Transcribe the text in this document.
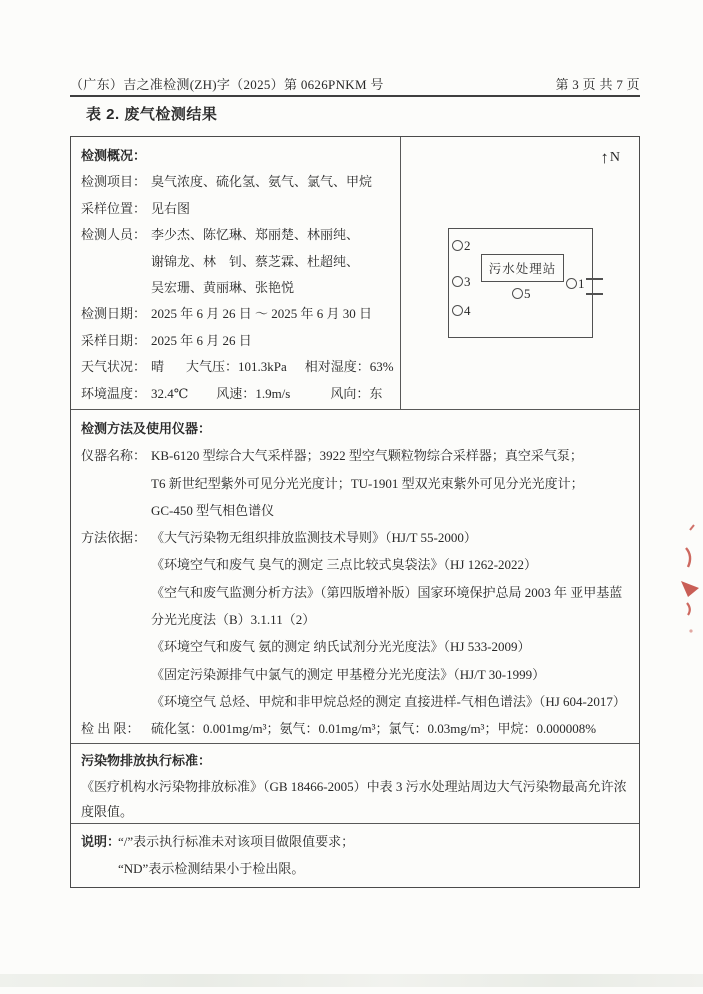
（广东）吉之准检测(ZH)字（2025）第 0626PNKM 号	第 3 页 共 7 页
表 2. 废气检测结果
检测概况：
检测项目： 臭气浓度、硫化氢、氨气、氯气、甲烷
采样位置： 见右图
检测人员： 李少杰、陈忆琳、郑丽楚、林丽纯、
谢锦龙、林　钊、蔡芝霖、杜超纯、
吴宏珊、黄丽琳、张艳悦
检测日期： 2025 年 6 月 26 日 ～ 2025 年 6 月 30 日
采样日期： 2025 年 6 月 26 日
天气状况： 晴 大气压： 101.3kPa 相对湿度： 63%
环境温度： 32.4℃ 风速： 1.9m/s	风向： 东
↑ N
污水处理站
2
3
4
5
1
检测方法及使用仪器：
仪器名称： KB-6120 型综合大气采样器；3922 型空气颗粒物综合采样器；真空采气泵；
T6 新世纪型紫外可见分光光度计；TU-1901 型双光束紫外可见分光光度计；
GC-450 型气相色谱仪
方法依据： 《大气污染物无组织排放监测技术导则》（HJ/T 55-2000）
《环境空气和废气 臭气的测定 三点比较式臭袋法》（HJ 1262-2022）
《空气和废气监测分析方法》（第四版增补版）国家环境保护总局 2003 年 亚甲基蓝分光光度法（B）3.1.11（2）
《环境空气和废气 氨的测定 纳氏试剂分光光度法》（HJ 533-2009）
《固定污染源排气中氯气的测定 甲基橙分光光度法》（HJ/T 30-1999）
《环境空气 总烃、甲烷和非甲烷总烃的测定 直接进样-气相色谱法》（HJ 604-2017）
检 出 限： 硫化氢：0.001mg/m³；氨气：0.01mg/m³；氯气：0.03mg/m³；甲烷：0.000008%
污染物排放执行标准：
《医疗机构水污染物排放标准》（GB 18466-2005）中表 3 污水处理站周边大气污染物最高允许浓度限值。
说明：
“/”表示执行标准未对该项目做限值要求；
“ND”表示检测结果小于检出限。
